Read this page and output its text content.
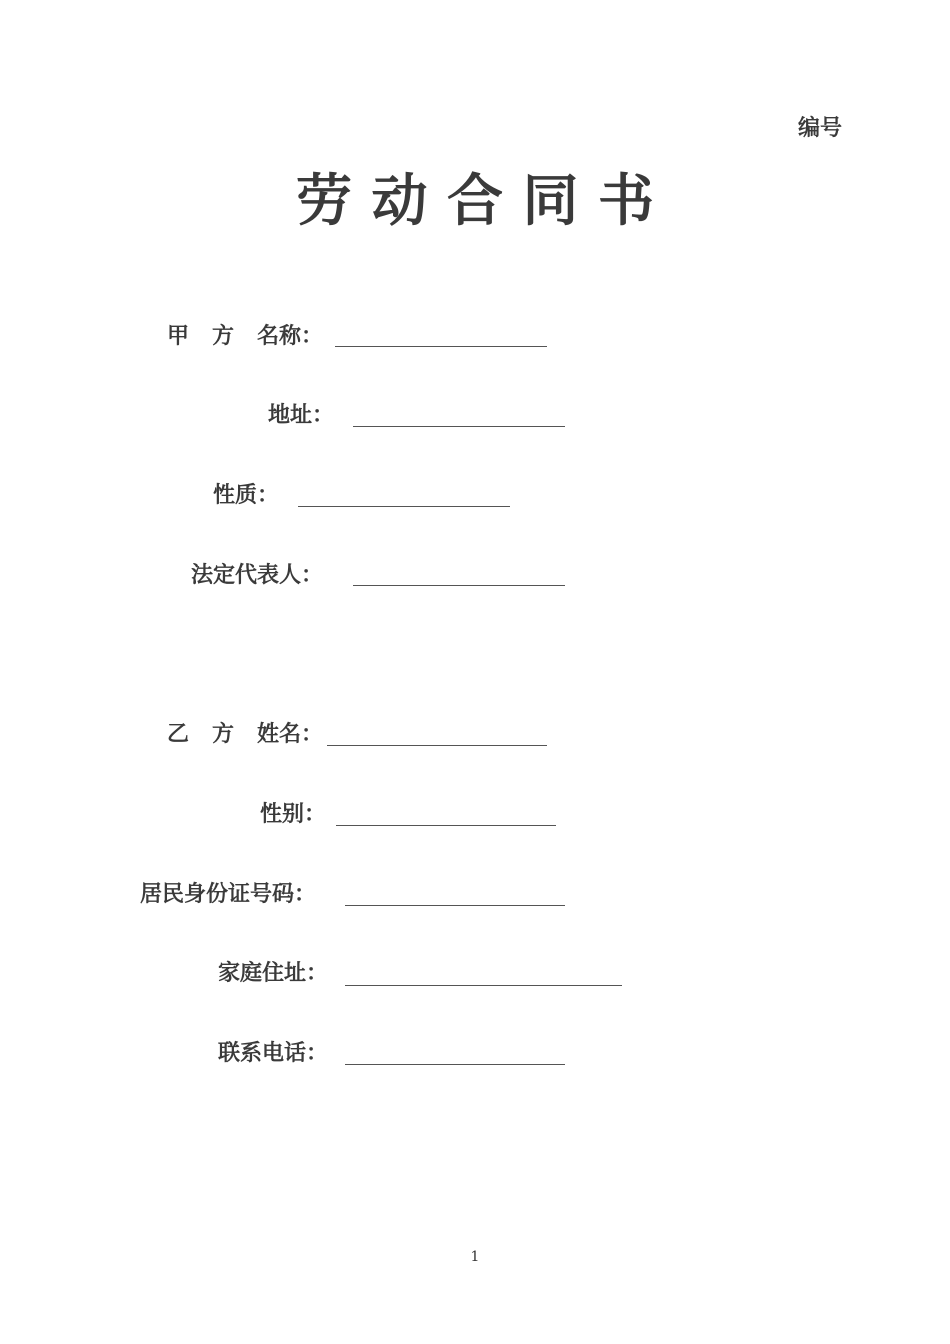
编号
劳 动 合 同 书
甲   方   名称：
地址：
性质：
法定代表人：
乙   方   姓名：
性别：
居民身份证号码：
家庭住址：
联系电话：
1
